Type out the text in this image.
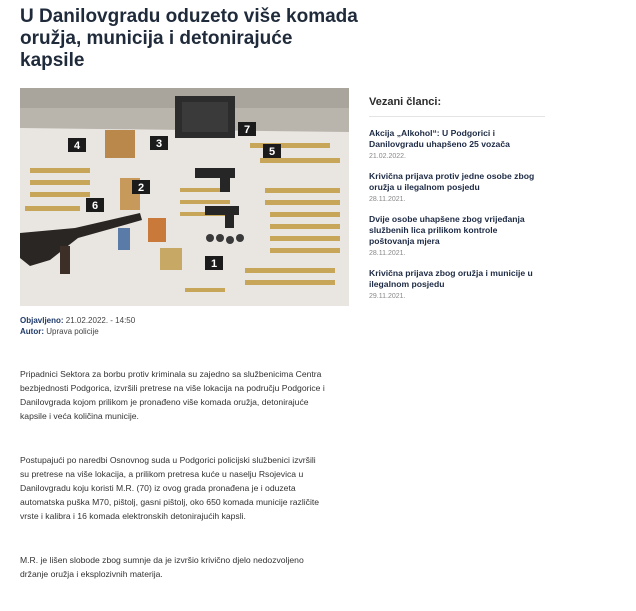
U Danilovgradu oduzeto više komada oružja, municija i detonirajuće kapsile
4	3
7
5
2
6
1
Objavljeno: 21.02.2022. - 14:50
Autor: Uprava policije

Pripadnici Sektora za borbu protiv kriminala su zajedno sa službenicima Centra bezbjednosti Podgorica, izvršili pretrese na više lokacija na području Podgorice i Danilovgrada kojom prilikom je pronađeno više komada oružja, detonirajuće kapsile i veća količina municije.

Postupajući po naredbi Osnovnog suda u Podgorici policijski službenici izvršili su pretrese na više lokacija, a prilikom pretresa kuće u naselju Rsojevica u Danilovgradu koju koristi M.R. (70) iz ovog grada pronađena je i oduzeta automatska puška M70, pištolj, gasni pištolj, oko 650 komada municije različite vrste i kalibra i 16 komada elektronskih detonirajućih kapsli.

M.R. je lišen slobode zbog sumnje da je izvršio krivično djelo nedozvoljeno držanje oružja i eksplozivnih materija.

Vezani članci:
Akcija „Alkohol“: U Podgorici i Danilovgradu uhapšeno 25 vozača
21.02.2022.
Krivična prijava protiv jedne osobe zbog oružja u ilegalnom posjedu
28.11.2021.
Dvije osobe uhapšene zbog vrijeđanja službenih lica prilikom kontrole poštovanja mjera
28.11.2021.
Krivična prijava zbog oružja i municije u ilegalnom posjedu
29.11.2021.
